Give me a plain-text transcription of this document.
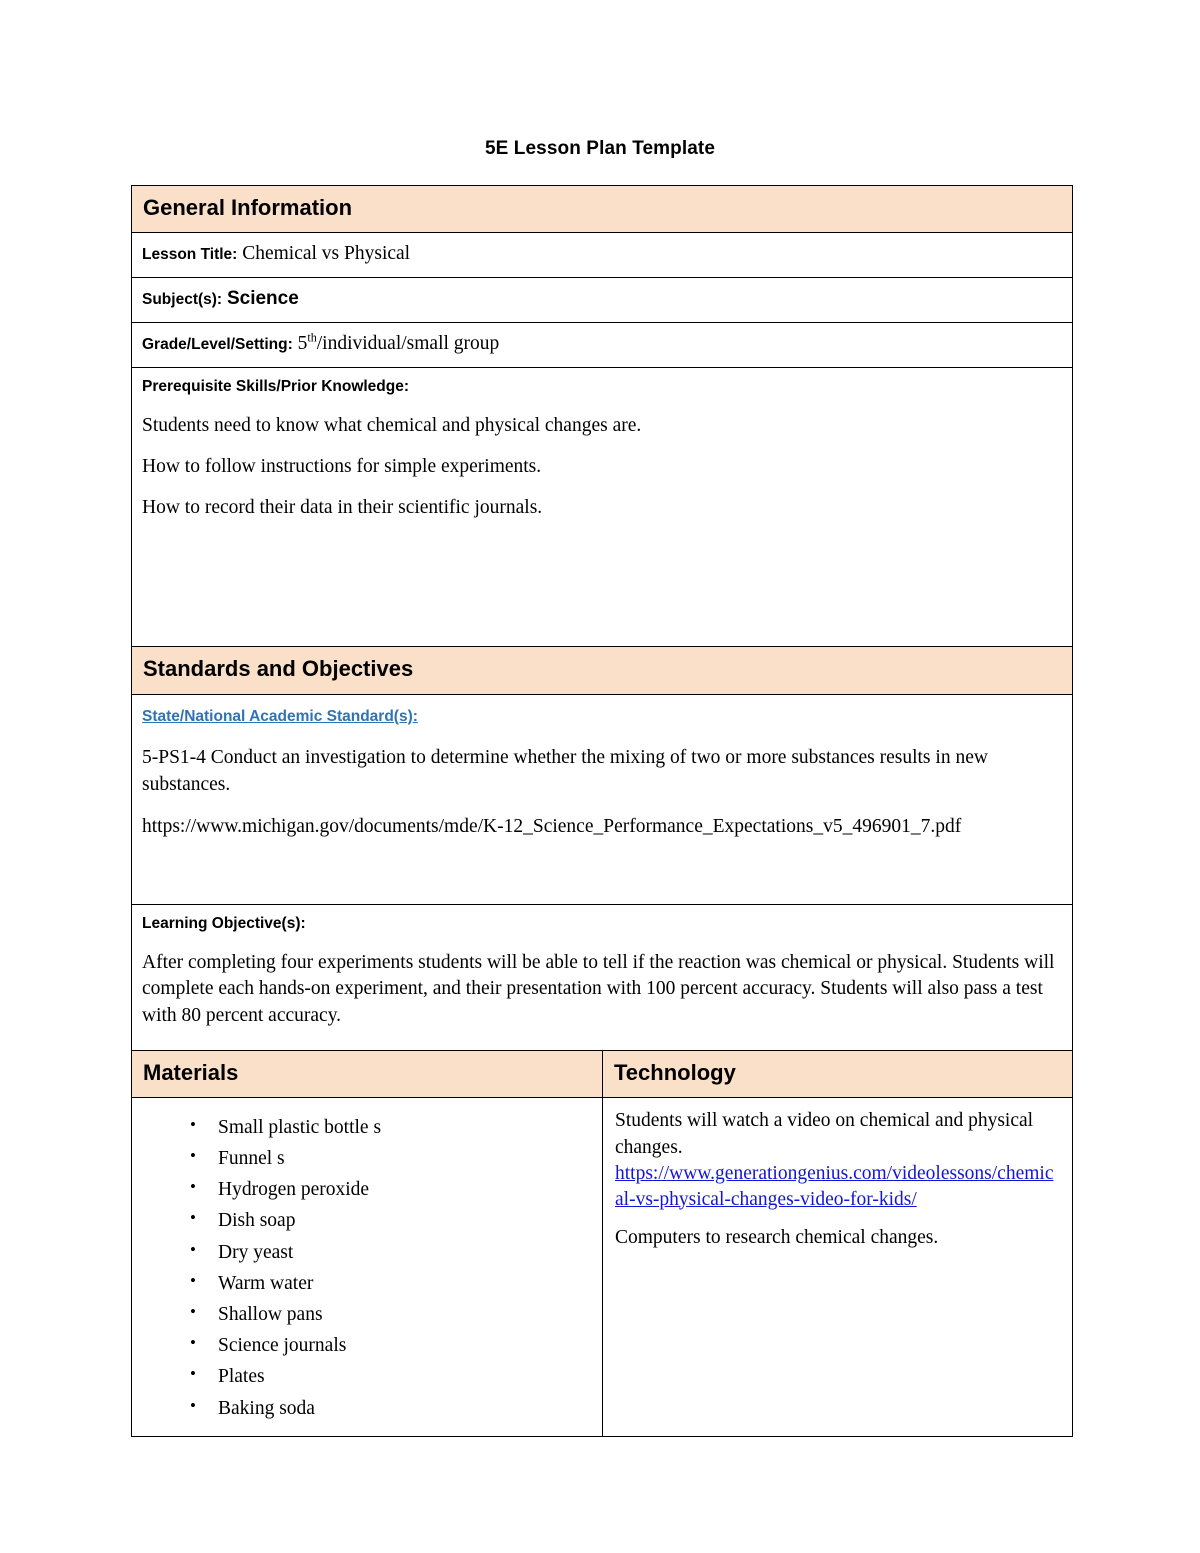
5E Lesson Plan Template
General Information	
Lesson Title: Chemical vs Physical	
Subject(s): Science	
Grade/Level/Setting: 5th/individual/small group	

Prerequisite Skills/Prior Knowledge:

Students need to know what chemical and physical changes are.

How to follow instructions for simple experiments.

How to record their data in their scientific journals.	

Standards and Objectives	

State/National Academic Standard(s):

5-PS1-4 Conduct an investigation to determine whether the mixing of two or more substances results in new substances.

https://www.michigan.gov/documents/mde/K-12_Science_Performance_Expectations_v5_496901_7.pdf	

Learning Objective(s):

After completing four experiments students will be able to tell if the reaction was chemical or physical. Students will complete each hands-on experiment, and their presentation with 100 percent accuracy. Students will also pass a test with 80 percent accuracy.	

Materials	Technology

• Small plastic bottle s
• Funnel s
• Hydrogen peroxide
• Dish soap
• Dry yeast
• Warm water
• Shallow pans
• Science journals
• Plates
• Baking soda

Students will watch a video on chemical and physical changes.

https://www.generationgenius.com/videolessons/chemical-vs-physical-changes-video-for-kids/

Computers to research chemical changes.
